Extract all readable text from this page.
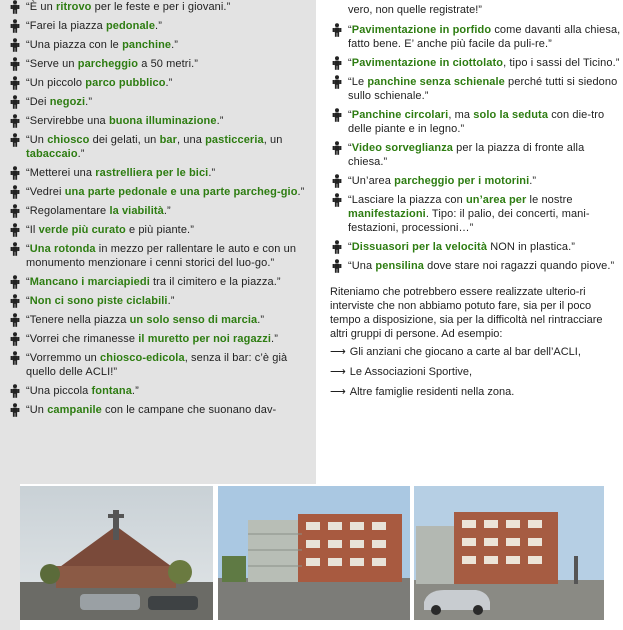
“È un ritrovo per le feste e per i giovani.”
“Farei la piazza pedonale.”
“Una piazza con le panchine.”
“Serve un parcheggio a 50 metri.”
“Un piccolo parco pubblico.”
“Dei negozi.”
“Servirebbe una buona illuminazione.”
“Un chiosco dei gelati, un bar, una pasticceria, un tabaccaio.”
“Metterei una rastrelliera per le bici.”
“Vedrei una parte pedonale e una parte parcheg-gio.”
“Regolamentare la viabilità.”
“Il verde più curato e più piante.”
“Una rotonda in mezzo per rallentare le auto e con un monumento menzionare i cenni storici del luo-go.”
“Mancano i marciapiedi tra il cimitero e la piazza.”
“Non ci sono piste ciclabili.”
“Tenere nella piazza un solo senso di marcia.”
“Vorrei che rimanesse il muretto per noi ragazzi.”
“Vorremmo un chiosco-edicola, senza il bar: c’è già quello delle ACLI!”
“Una piccola fontana.”
“Un campanile con le campane che suonano dav-
vero, non quelle registrate!”
“Pavimentazione in porfido come davanti alla chiesa, fatto bene. E’ anche più facile da puli-re.”
“Pavimentazione in ciottolato, tipo i sassi del Ticino.”
“Le panchine senza schienale perché tutti si siedono sullo schienale.”
“Panchine circolari, ma solo la seduta con die-tro delle piante e in legno.”
“Video sorveglianza per la piazza di fronte alla chiesa.”
“Un’area parcheggio per i motorini.”
“Lasciare la piazza con un’area per le nostre manifestazioni. Tipo: il palio, dei concerti, mani-festazioni, processioni…”
“Dissuasori per la velocità NON in plastica.”
“Una pensilina dove stare noi ragazzi quando piove.”
Riteniamo che potrebbero essere realizzate ulterio-ri interviste che non abbiamo potuto fare, sia per il poco tempo a disposizione, sia per la difficoltà nel rintracciare altri gruppi di persone. Ad esempio:
⟶ Gli anziani che giocano a carte al bar dell’ACLI,
⟶ Le Associazioni Sportive,
⟶ Altre famiglie residenti nella zona.
